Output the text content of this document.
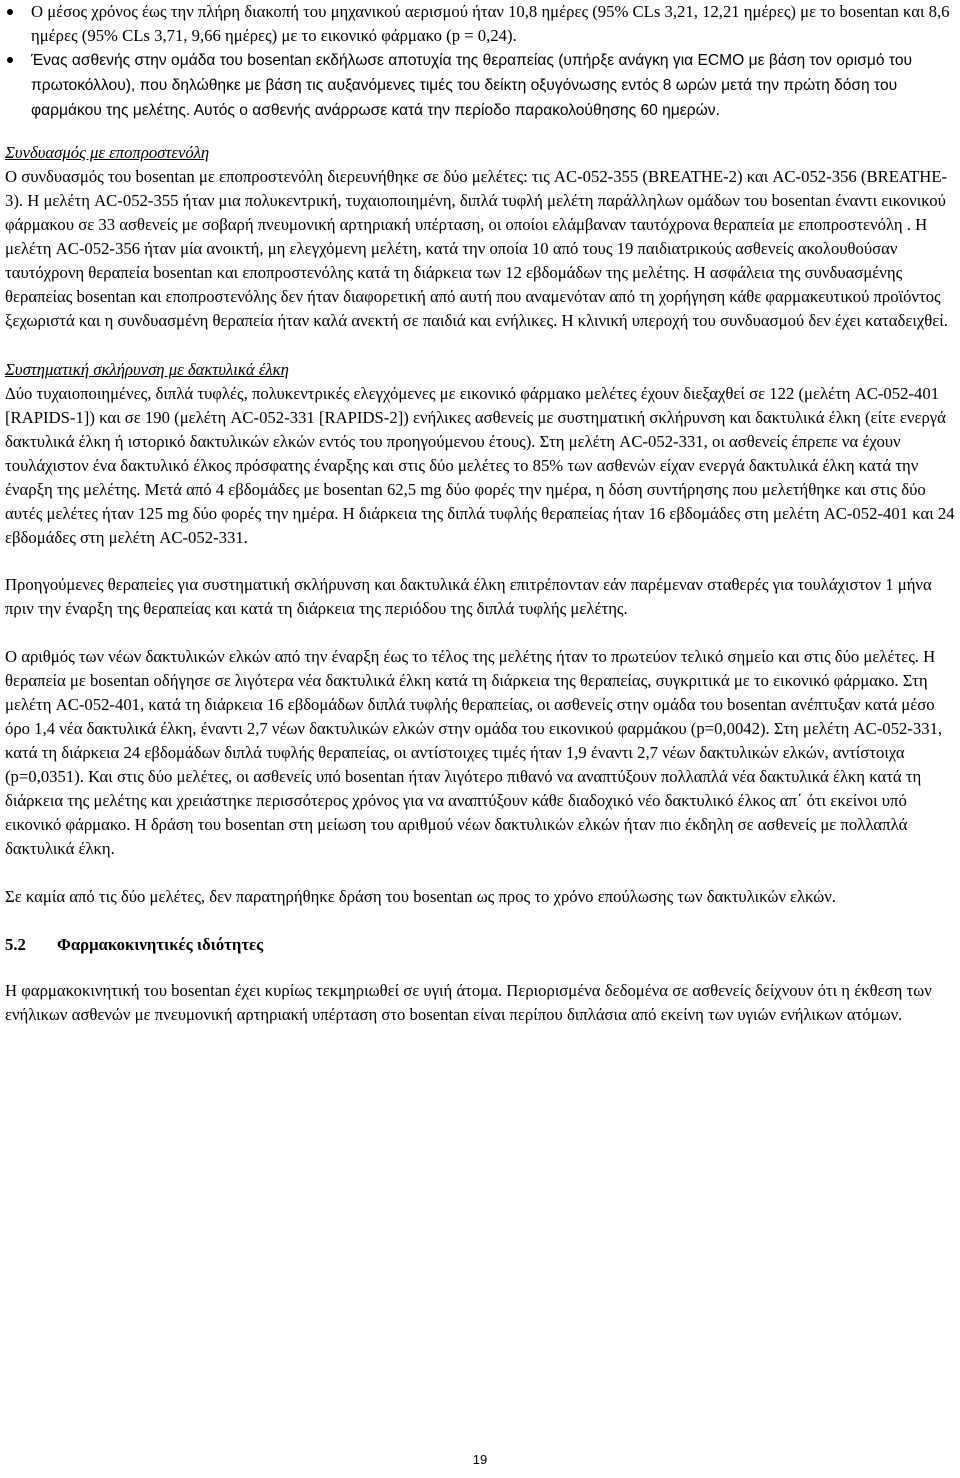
Ο μέσος χρόνος έως την πλήρη διακοπή του μηχανικού αερισμού ήταν 10,8 ημέρες (95% CLs 3,21, 12,21 ημέρες) με το bosentan και 8,6 ημέρες (95% CLs 3,71, 9,66 ημέρες) με το εικονικό φάρμακο (p = 0,24).
Ένας ασθενής στην ομάδα του bosentan εκδήλωσε αποτυχία της θεραπείας (υπήρξε ανάγκη για ECMO με βάση τον ορισμό του πρωτοκόλλου), που δηλώθηκε με βάση τις αυξανόμενες τιμές του δείκτη οξυγόνωσης εντός 8 ωρών μετά την πρώτη δόση του φαρμάκου της μελέτης. Αυτός ο ασθενής ανάρρωσε κατά την περίοδο παρακολούθησης 60 ημερών.
Συνδυασμός με εποπροστενόλη

Ο συνδυασμός του bosentan με εποπροστενόλη διερευνήθηκε σε δύο μελέτες: τις AC-052-355 (BREATHE-2) και AC-052-356 (BREATHE-3). Η μελέτη AC-052-355 ήταν μια πολυκεντρική, τυχαιοποιημένη, διπλά τυφλή μελέτη παράλληλων ομάδων του bosentan έναντι εικονικού φάρμακου σε 33 ασθενείς με σοβαρή πνευμονική αρτηριακή υπέρταση, οι οποίοι ελάμβαναν ταυτόχρονα θεραπεία με εποπροστενόλη . Η μελέτη AC-052-356 ήταν μία ανοικτή, μη ελεγχόμενη μελέτη, κατά την οποία 10 από τους 19 παιδιατρικούς ασθενείς ακολουθούσαν ταυτόχρονη θεραπεία bosentan και εποπροστενόλης κατά τη διάρκεια των 12 εβδομάδων της μελέτης. Η ασφάλεια της συνδυασμένης θεραπείας bosentan και εποπροστενόλης δεν ήταν διαφορετική από αυτή που αναμενόταν από τη χορήγηση κάθε φαρμακευτικού προϊόντος ξεχωριστά και η συνδυασμένη θεραπεία ήταν καλά ανεκτή σε παιδιά και ενήλικες. Η κλινική υπεροχή του συνδυασμού δεν έχει καταδειχθεί.

Συστηματική σκλήρυνση με δακτυλικά έλκη

Δύο τυχαιοποιημένες, διπλά τυφλές, πολυκεντρικές ελεγχόμενες με εικονικό φάρμακο μελέτες έχουν διεξαχθεί σε 122 (μελέτη AC-052-401 [RAPIDS-1]) και σε 190 (μελέτη AC-052-331 [RAPIDS-2]) ενήλικες ασθενείς με συστηματική σκλήρυνση και δακτυλικά έλκη (είτε ενεργά δακτυλικά έλκη ή ιστορικό δακτυλικών ελκών εντός του προηγούμενου έτους). Στη μελέτη AC-052-331, οι ασθενείς έπρεπε να έχουν τουλάχιστον ένα δακτυλικό έλκος πρόσφατης έναρξης και στις δύο μελέτες το 85% των ασθενών είχαν ενεργά δακτυλικά έλκη κατά την έναρξη της μελέτης. Μετά από 4 εβδομάδες με bosentan 62,5 mg δύο φορές την ημέρα, η δόση συντήρησης που μελετήθηκε και στις δύο αυτές μελέτες ήταν 125 mg δύο φορές την ημέρα. Η διάρκεια της διπλά τυφλής θεραπείας ήταν 16 εβδομάδες στη μελέτη AC-052-401 και 24 εβδομάδες στη μελέτη AC-052-331.

Προηγούμενες θεραπείες για συστηματική σκλήρυνση και δακτυλικά έλκη επιτρέπονταν εάν παρέμεναν σταθερές για τουλάχιστον 1 μήνα πριν την έναρξη της θεραπείας και κατά τη διάρκεια της περιόδου της διπλά τυφλής μελέτης.

Ο αριθμός των νέων δακτυλικών ελκών από την έναρξη έως το τέλος της μελέτης ήταν το πρωτεύον τελικό σημείο και στις δύο μελέτες. Η θεραπεία με bosentan οδήγησε σε λιγότερα νέα δακτυλικά έλκη κατά τη διάρκεια της θεραπείας, συγκριτικά με το εικονικό φάρμακο. Στη μελέτη AC-052-401, κατά τη διάρκεια 16 εβδομάδων διπλά τυφλής θεραπείας, οι ασθενείς στην ομάδα του bosentan ανέπτυξαν κατά μέσο όρο 1,4 νέα δακτυλικά έλκη, έναντι 2,7 νέων δακτυλικών ελκών στην ομάδα του εικονικού φαρμάκου (p=0,0042). Στη μελέτη AC-052-331, κατά τη διάρκεια 24 εβδομάδων διπλά τυφλής θεραπείας, οι αντίστοιχες τιμές ήταν 1,9 έναντι 2,7 νέων δακτυλικών ελκών, αντίστοιχα (p=0,0351). Και στις δύο μελέτες, οι ασθενείς υπό bosentan ήταν λιγότερο πιθανό να αναπτύξουν πολλαπλά νέα δακτυλικά έλκη κατά τη διάρκεια της μελέτης και χρειάστηκε περισσότερος χρόνος για να αναπτύξουν κάθε διαδοχικό νέο δακτυλικό έλκος απ΄ ότι εκείνοι υπό εικονικό φάρμακο. Η δράση του bosentan στη μείωση του αριθμού νέων δακτυλικών ελκών ήταν πιο έκδηλη σε ασθενείς με πολλαπλά δακτυλικά έλκη.

Σε καμία από τις δύο μελέτες, δεν παρατηρήθηκε δράση του bosentan ως προς το χρόνο επούλωσης των δακτυλικών ελκών.

5.2	Φαρμακοκινητικές ιδιότητες

Η φαρμακοκινητική του bosentan έχει κυρίως τεκμηριωθεί σε υγιή άτομα. Περιορισμένα δεδομένα σε ασθενείς δείχνουν ότι η έκθεση των ενήλικων ασθενών με πνευμονική αρτηριακή υπέρταση στο bosentan είναι περίπου διπλάσια από εκείνη των υγιών ενήλικων ατόμων.

19
